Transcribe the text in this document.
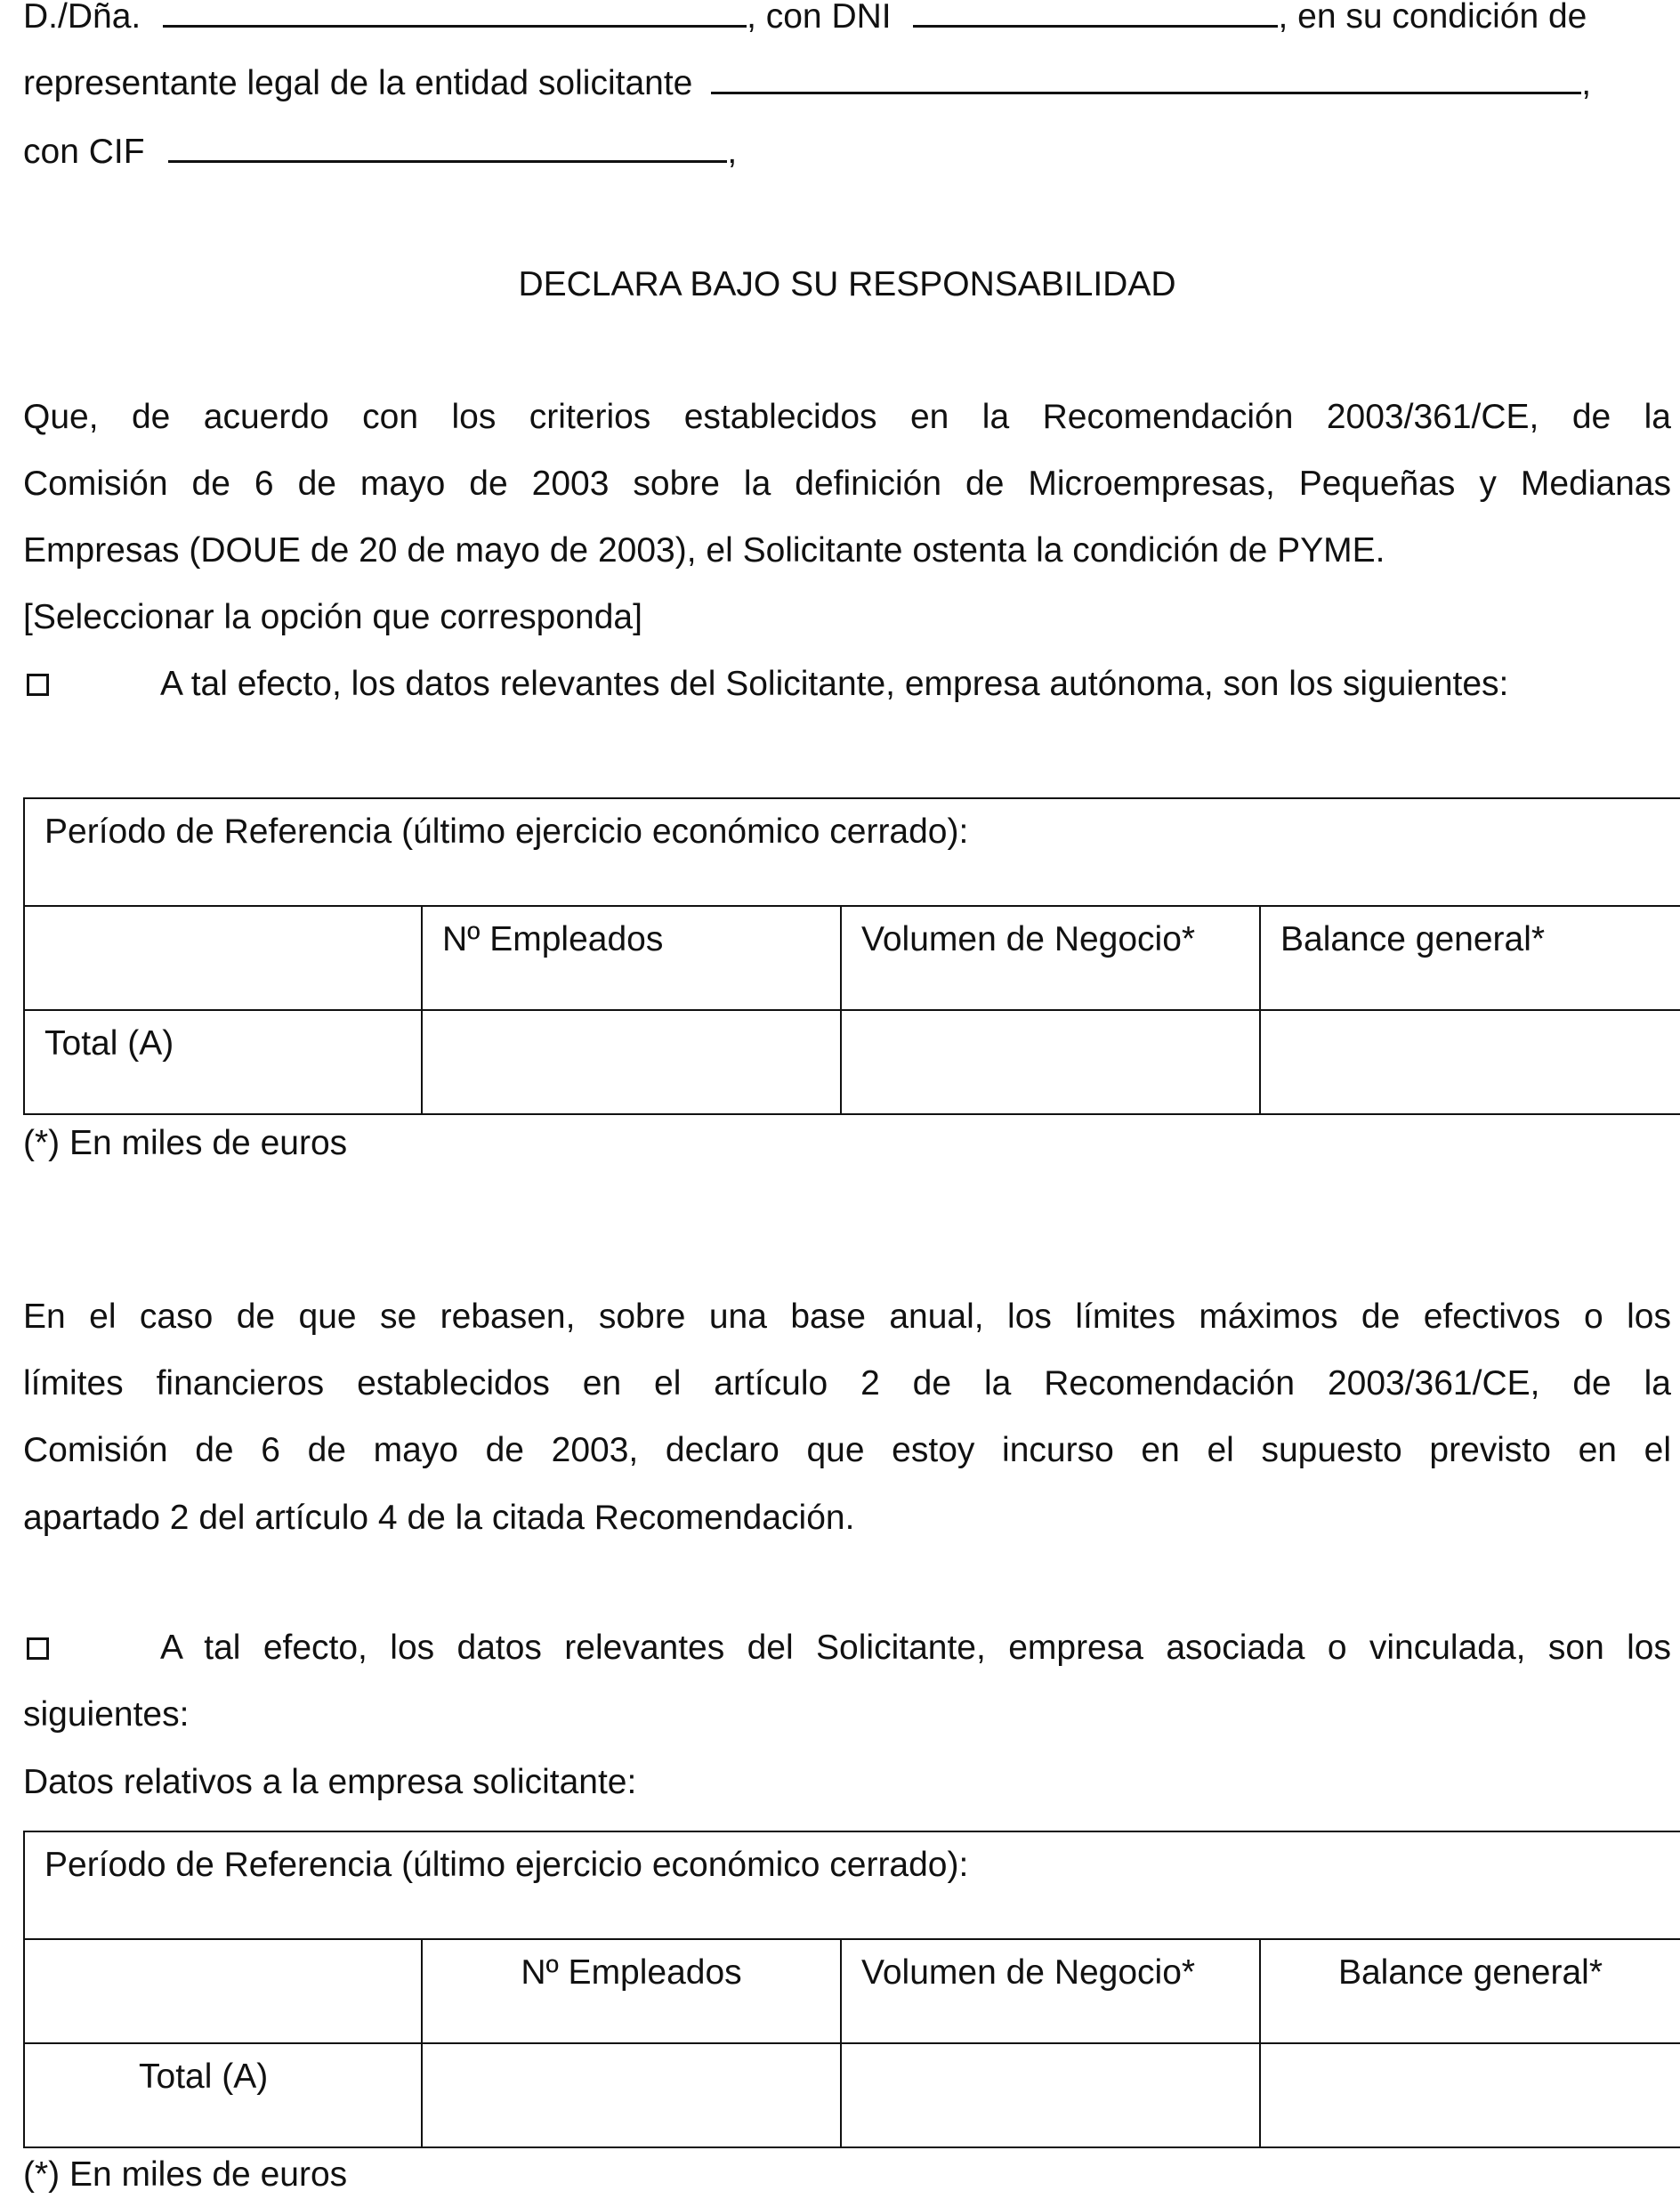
D./Dña.	, con DNI	, en su condición de
representante legal de la entidad solicitante	,
con CIF	,
DECLARA BAJO SU RESPONSABILIDAD
Que, de acuerdo con los criterios establecidos en la Recomendación 2003/361/CE, de la
Comisión de 6 de mayo de 2003 sobre la definición de Microempresas, Pequeñas y Medianas
Empresas (DOUE de 20 de mayo de 2003), el Solicitante ostenta la condición de PYME.
[Seleccionar la opción que corresponda]
A tal efecto, los datos relevantes del Solicitante, empresa autónoma, son los siguientes:
Período de Referencia (último ejercicio económico cerrado):			
	Nº Empleados	Volumen de Negocio*	Balance general*
Total (A)			
(*) En miles de euros
En el caso de que se rebasen, sobre una base anual, los límites máximos de efectivos o los
límites financieros establecidos en el artículo 2 de la Recomendación 2003/361/CE, de la
Comisión de 6 de mayo de 2003, declaro que estoy incurso en el supuesto previsto en el
apartado 2 del artículo 4 de la citada Recomendación.
A tal efecto, los datos relevantes del Solicitante, empresa asociada o vinculada, son los
siguientes:
Datos relativos a la empresa solicitante:
Período de Referencia (último ejercicio económico cerrado):			
	Nº Empleados	Volumen de Negocio*	Balance general*
Total (A)			
(*) En miles de euros
